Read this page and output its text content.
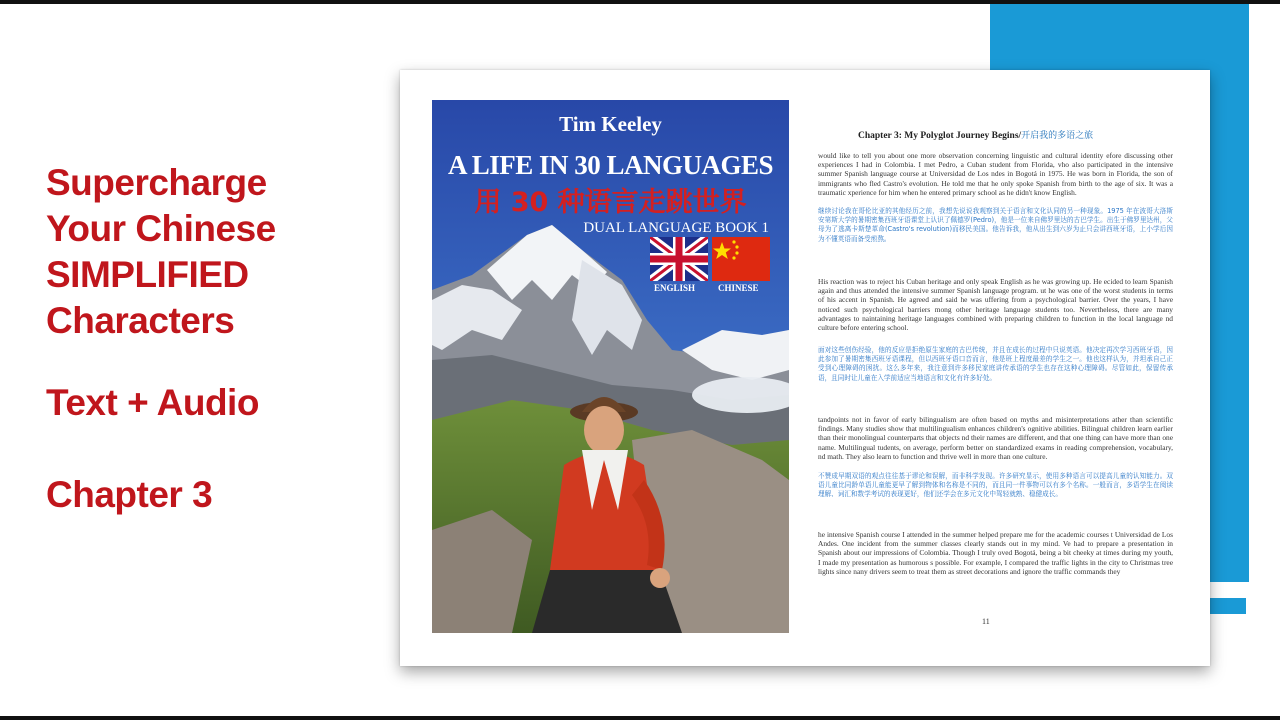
Supercharge
Your Chinese
SIMPLIFIED
Characters
Text + Audio
Chapter 3
Tim Keeley
A LIFE IN 30 LANGUAGES
用 30 种语言走跳世界
DUAL LANGUAGE BOOK 1
ENGLISH	CHINESE
Chapter 3: My Polyglot Journey Begins/开启我的多语之旅
would like to tell you about one more observation concerning linguistic and cultural identity efore discussing other experiences I had in Colombia. I met Pedro, a Cuban student from Florida, vho also participated in the intensive summer Spanish language course at Universidad de Los ndes in Bogotá in 1975. He was born in Florida, the son of immigrants who fled Castro's evolution. He told me that he only spoke Spanish from birth to the age of six. It was a traumatic xperience for him when he entered primary school as he didn't know English.
继续讨论我在哥伦比亚的其他经历之前，我想先说说我观察到关于语言和文化认同的另一种现象。1975 年在波哥大洛斯安第斯大学的暑期密集西班牙语课堂上认识了佩德罗(Pedro)，他是一位来自佛罗里达的古巴学生。出生于佛罗里达州，父母为了逃离卡斯楚革命(Castro's revolution)而移民美国。他告诉我，他从出生到六岁为止只会讲西班牙语，上小学后因为不懂英语而备受煎熬。
His reaction was to reject his Cuban heritage and only speak English as he was growing up. He ecided to learn Spanish again and thus attended the intensive summer Spanish language program. ut he was one of the worst students in terms of his accent in Spanish. He agreed and said he was uffering from a psychological barrier. Over the years, I have noticed such psychological barriers mong other heritage language students too. Nevertheless, there are many advantages to naintaining heritage languages combined with preparing children to function in the local language nd culture before entering school.
面对这些创伤经验，他的反应是拒绝原生家庭的古巴传统，并且在成长的过程中只说英语。他决定再次学习西班牙语，因此参加了暑期密集西班牙语课程，但以西班牙语口音而言，他是班上程度最差的学生之一。他也这样认为，并坦承自己正受到心理障碍的困扰。这么多年来，我注意到许多移民家庭讲传承语的学生也存在这种心理障碍。尽管如此，保留传承语，且同时让儿童在入学前适应当地语言和文化有许多好处。
tandpoints not in favor of early bilingualism are often based on myths and misinterpretations ather than scientific findings. Many studies show that multilingualism enhances children's ognitive abilities. Bilingual children learn earlier than their monolingual counterparts that objects nd their names are different, and that one thing can have more than one name. Multilingual tudents, on average, perform better on standardized exams in reading comprehension, vocabulary, nd math. They also learn to function and thrive well in more than one culture.
不赞成早期双语的观点往往基于谬论和误解，而非科学发现。许多研究显示，使用多种语言可以提高儿童的认知能力。双语儿童比同龄单语儿童能更早了解到物体和名称是不同的，而且同一件事物可以有多个名称。一般而言，多语学生在阅读理解、词汇和数学考试的表现更好，他们还学会在多元文化中驾轻就熟、稳健成长。
he intensive Spanish course I attended in the summer helped prepare me for the academic courses t Universidad de Los Andes. One incident from the summer classes clearly stands out in my mind. Ve had to prepare a presentation in Spanish about our impressions of Colombia. Though I truly oved Bogotá, being a bit cheeky at times during my youth, I made my presentation as humorous s possible. For example, I compared the traffic lights in the city to Christmas tree lights since nany drivers seem to treat them as street decorations and ignore the traffic commands they
11
